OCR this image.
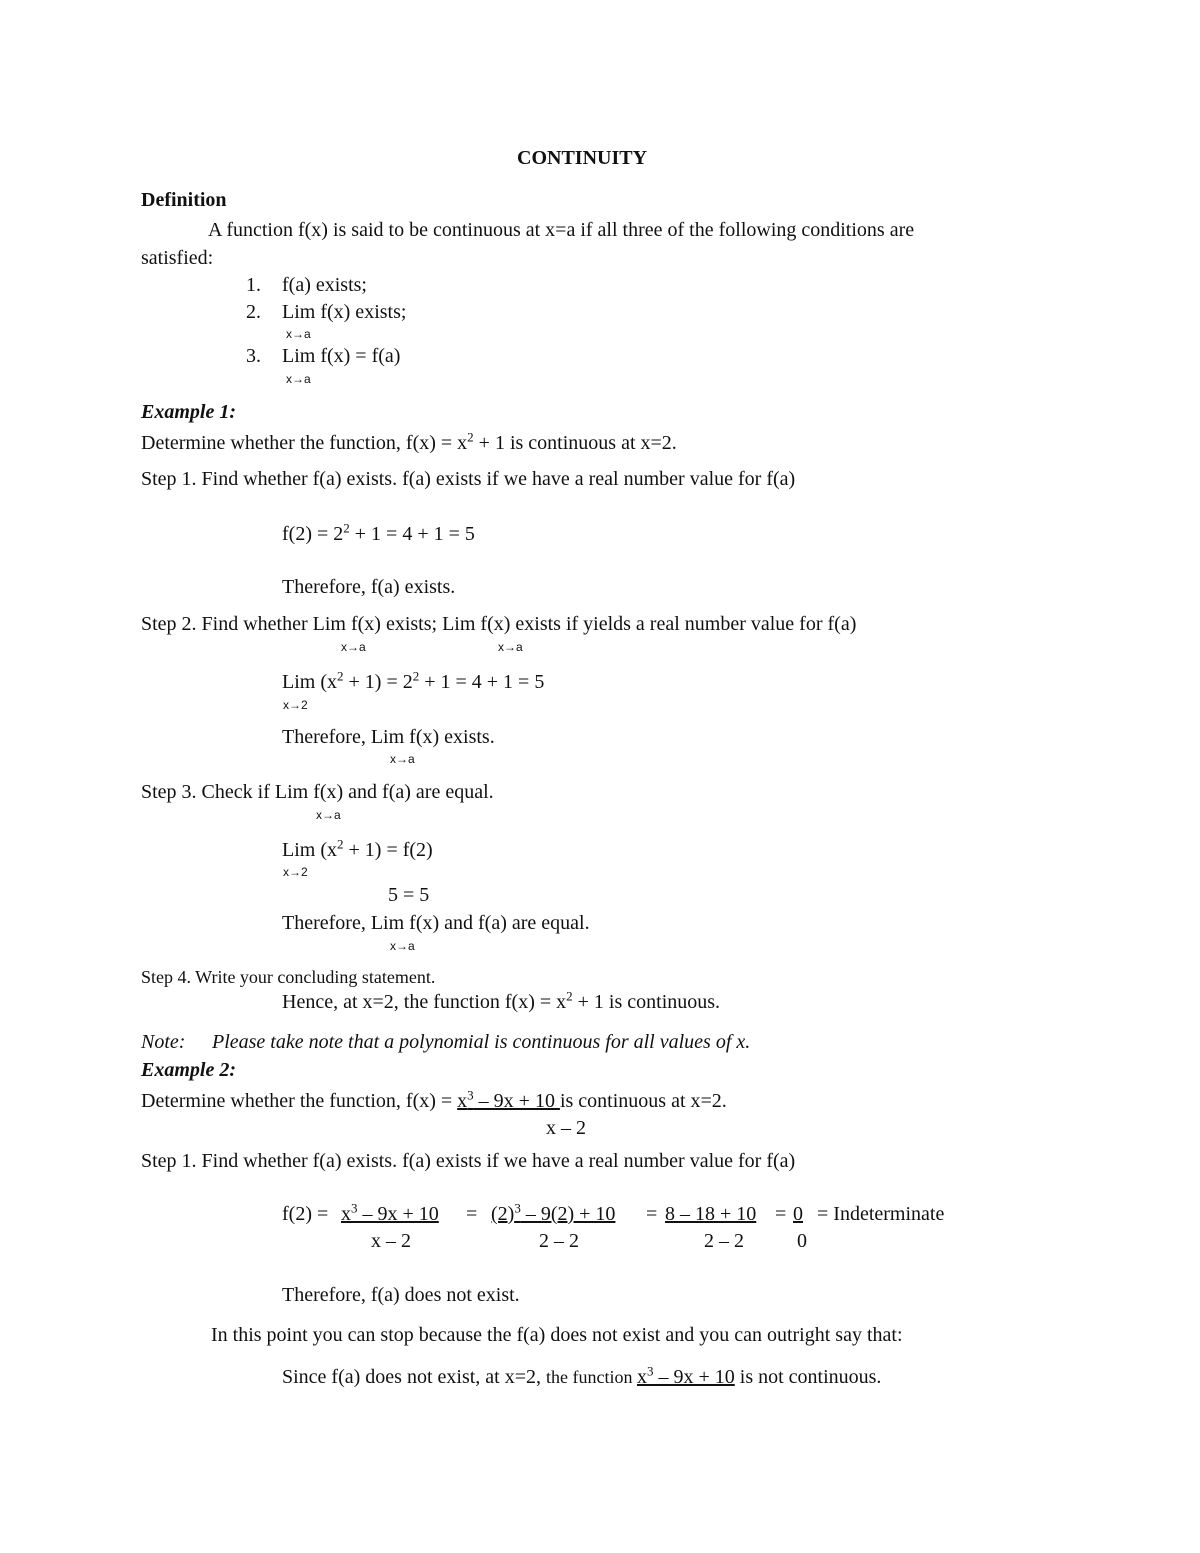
CONTINUITY
Definition
A function f(x) is said to be continuous at x=a if all three of the following conditions are
satisfied:
1. f(a) exists;
2. Lim f(x) exists;
x→a
3. Lim f(x) = f(a)
x→a
Example 1:
Determine whether the function, $f(x) = x^2 + 1$ is continuous at x=2.
Step 1. Find whether f(a) exists. f(a) exists if we have a real number value for f(a)
$f(2) = 2^2 + 1 = 4 + 1 = 5$
Therefore, f(a) exists.
Step 2. Find whether Lim f(x) exists; Lim f(x) exists if yields a real number value for f(a)
x→a	x→a
Lim $(x^2 + 1) = 2^2 + 1 = 4 + 1 = 5$
x→2
Therefore, Lim f(x) exists.
x→a
Step 3. Check if Lim f(x) and f(a) are equal.
x→a
Lim $(x^2 + 1) = f(2)$
x→2
5 = 5
Therefore, Lim f(x) and f(a) are equal.
x→a
Step 4. Write your concluding statement.
Hence, at x=2, the function $f(x) = x^2 + 1$ is continuous.
Note: Please take note that a polynomial is continuous for all values of x.
Example 2:
Determine whether the function, $f(x) = x^3 - 9x + 10$ is continuous at x=2.
x – 2
Step 1. Find whether f(a) exists. f(a) exists if we have a real number value for f(a)
$f(2) = x^3 - 9x + 10$
x – 2
= $(2)^3 - 9(2) + 10$
2 – 2
= 8 – 18 + 10
2 – 2
= 0
0
= Indeterminate
Therefore, f(a) does not exist.
In this point you can stop because the f(a) does not exist and you can outright say that:
Since f(a) does not exist, at x=2, the function $x^3 - 9x + 10$ is not continuous.
